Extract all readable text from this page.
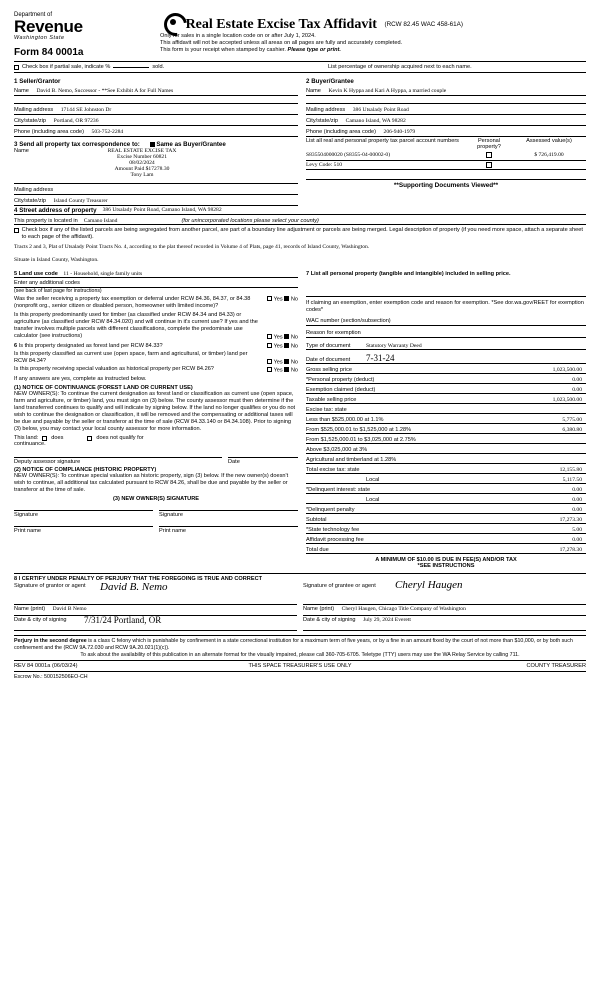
Department of
Revenue
Washington State
Form 84 0001a
Real Estate Excise Tax Affidavit (RCW 82.45 WAC 458-61A)
Only for sales in a single location code on or after July 1, 2024.
This affidavit will not be accepted unless all areas on all pages are fully and accurately completed.
This form is your receipt when stamped by cashier. Please type or print.
Check box if partial sale, indicate %	sold.	List percentage of ownership acquired next to each name.
1 Seller/Grantor
Name David B. Nemo, Successor - **See Exhibit A for Full Names
Mailing address 17144 SE Johnston Dr
City/state/zip Portland, OR 97236
Phone (including area code) 503-752-2284
2 Buyer/Grantee
Name Kevin K Hyppa and Kari A Hyppa, a married couple
Mailing address 386 Utsalady Point Road
City/state/zip Camano Island, WA 98282
Phone (including area code) 206-940-1979
3 Send all property tax correspondence to:	Same as Buyer/Grantee
Name	REAL ESTATE EXCISE TAX
Excise Number 60821
08/02/2024
Amount Paid $17278.30
Tony Lam
Mailing address
City/state/zip Island County Treasurer
List all real and personal property tax parcel account numbers	Personal property?
Assessed value(s)
S835504000020 (S8355-04-00002-0)	$ 726,419.00
Levy Code: 510
**Supporting Documents Viewed**
4 Street address of property 386 Utsalady Point Road, Camano Island, WA 98282
This property is located in Camano Island	(for unincorporated locations please select your county)
Check box if any of the listed parcels are being segregated from another parcel, are part of a boundary line adjustment or parcels are being merged. Legal description of property (if you need more space, attach a separate sheet to each page of the affidavit).
Tracts 2 and 3, Plat of Utsalady Point Tracts No. 4, according to the plat thereof recorded in Volume 4 of Plats, page 41, records of Island County, Washington.
Situate in Island County, Washington.
5 Land use code 11 - Household, single family units
Enter any additional codes
(see back of last page for instructions)
Was the seller receiving a property tax exemption or deferral under RCW 84.36, 84.37, or 84.38 (nonprofit org., senior citizen or disabled person, homeowner with limited income)?
Yes  No
Is this property predominantly used for timber (as classified under RCW 84.34 and 84.33) or agriculture (as classified under RCW 84.34.020) and will continue in it's current use? If yes and the transfer involves multiple parcels with different classifications, complete the predominate use calculator (see instructions)	Yes  No
7 List all personal property (tangible and intangible) included in selling price.
If claiming an exemption, enter exemption code and reason for exemption. *See dor.wa.gov/REET for exemption codes*
WAC number (section/subsection)
Reason for exemption
6 Is this property designated as forest land per RCW 84.33?	Yes  No
Is this property classified as current use (open space, farm and agricultural, or timber) land per RCW 84.34?	Yes  No
Is this property receiving special valuation as historical property per RCW 84.26?	Yes  No
If any answers are yes, complete as instructed below.
(1) NOTICE OF CONTINUANCE (FOREST LAND OR CURRENT USE)
NEW OWNER(S): To continue the current designation as forest land or classification as current use (open space, farm and agriculture, or timber) land, you must sign on (3) below. The county assessor must then determine if the land transferred continues to qualify and will indicate by signing below. If the land no longer qualifies or you do not wish to continue the designation or classification, it will be removed and the compensating or additional taxes will be due and payable by the seller or transferor at the time of sale (RCW 84.33.140 or 84.34.108). Prior to signing (3) below, you may contact your local county assessor for more information.
This land: does	does not qualify for
continuance.
Deputy assessor signature	Date
(2) NOTICE OF COMPLIANCE (HISTORIC PROPERTY)
NEW OWNER(S): To continue special valuation as historic property, sign (3) below. If the new owner(s) doesn't wish to continue, all additional tax calculated pursuant to RCW 84.26, shall be due and payable by the seller or transferor at the time of sale.
(3) NEW OWNER(S) SIGNATURE
Signature	Signature
Print name	Print name
Type of document	Statutory Warranty Deed
Date of document	7-31-24
Gross selling price	1,023,500.00
*Personal property (deduct)	0.00
Exemption claimed (deduct)	0.00
Taxable selling price	1,023,500.00
Excise tax: state
Less than $525,000.00 at 1.1%	5,775.00
From $525,000.01 to $1,525,000 at 1.28%	6,380.80
From $1,525,000.01 to $3,025,000 at 2.75%
Above $3,025,000 at 3%
Agricultural and timberland at 1.28%
Total excise tax: state	12,155.80
Local	5,117.50
*Delinquent interest: state	0.00
Local	0.00
*Delinquent penalty	0.00
Subtotal	17,273.30
*State technology fee	5.00
Affidavit processing fee	0.00
Total due	17,278.30
A MINIMUM OF $10.00 IS DUE IN FEE(S) AND/OR TAX
*SEE INSTRUCTIONS
8 I CERTIFY UNDER PENALTY OF PERJURY THAT THE FOREGOING IS TRUE AND CORRECT
Signature of grantor or agent David B. Nemo	Signature of grantee or agent Cheryl Haugen
Name (print) David B Nemo	Name (print) Cheryl Haugen, Chicago Title Company of Washington
Date & city of signing 7/31/24 Portland, OR	Date & city of signing July 29, 2024 Everett
Perjury in the second degree is a class C felony which is punishable by confinement in a state correctional institution for a maximum term of five years, or by a fine in an amount fixed by the court of not more than $10,000, or by both such confinement and the (RCW 9A.72.030 and RCW 9A.20.021(1)(c)).
To ask about the availability of this publication in an alternate format for the visually impaired, please call 360-705-6705. Teletype (TTY) users may use the WA Relay Service by calling 711.
REV 84 0001a (06/03/24)	THIS SPACE TREASURER'S USE ONLY	COUNTY TREASURER
Escrow No.: 500152506EO-CH
